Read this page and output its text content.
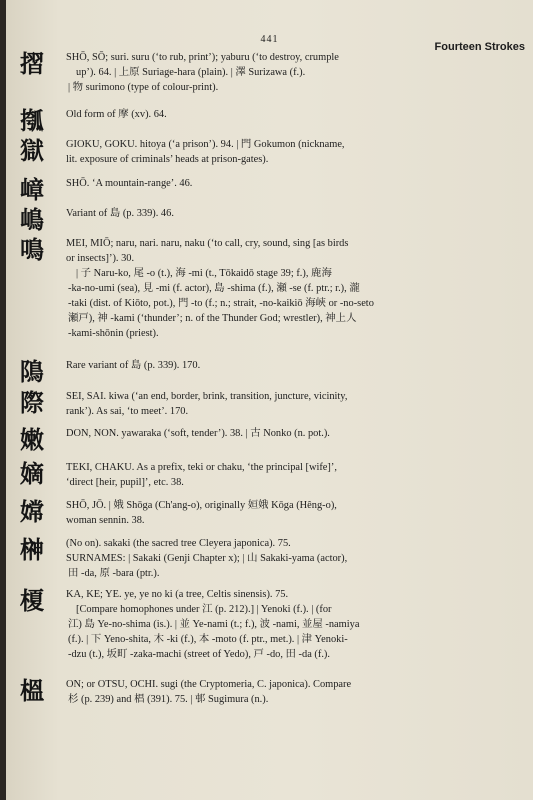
441
Fourteen Strokes
摺	SHŌ, SŌ; suri. suru (‘to rub, print’); yaburu (‘to destroy, crumple
up’). 64. | 上原 Suriage-hara (plain). | 澤 Surizawa (f.).
| 物 surimono (type of colour-print).
摦	Old form of 摩 (xv). 64.
獄	GIOKU, GOKU. hitoya (‘a prison’). 94. | 門 Gokumon (nickname,
lit. exposure of criminals’ heads at prison-gates).
嶂	SHŌ. ‘A mountain-range’. 46.
嶋	Variant of 島 (p. 339). 46.
鳴	MEI, MIŌ; naru, nari. naru, naku (‘to call, cry, sound, sing [as birds
or insects]’). 30.
| 子 Naru-ko, 尾 -o (t.), 海 -mi (t., Tōkaidō stage 39; f.), 鹿海
-ka-no-umi (sea), 見 -mi (f. actor), 島 -shima (f.), 瀬 -se (f. ptr.; r.), 瀧
-taki (dist. of Kiōto, pot.), 門 -to (f.; n.; strait, -no-kaikiō 海峽 or -no-seto
瀬戸), 神 -kami (‘thunder’; n. of the Thunder God; wrestler), 神上人
-kami-shōnin (priest).
隝	Rare variant of 島 (p. 339). 170.
際	SEI, SAI. kiwa (‘an end, border, brink, transition, juncture, vicinity,
rank’). As sai, ‘to meet’. 170.
嫩	DON, NON. yawaraka (‘soft, tender’). 38. | 古 Nonko (n. pot.).
嫡	TEKI, CHAKU. As a prefix, teki or chaku, ‘the principal [wife]’,
‘direct [heir, pupil]’, etc. 38.
嫦	SHŌ, JŌ. | 娥 Shōga (Ch'ang-o), originally 姮娥 Kōga (Hêng-o),
woman sennin. 38.
榊	(No on). sakaki (the sacred tree Cleyera japonica). 75.
SURNAMES: | Sakaki (Genji Chapter x); | 山 Sakaki-yama (actor),
田 -da, 原 -bara (ptr.).
榎	KA, KE; YE. ye, ye no ki (a tree, Celtis sinensis). 75.
[Compare homophones under 江 (p. 212).] | Yenoki (f.). | (for
江) 島 Ye-no-shima (is.). | 並 Ye-nami (t.; f.), 波 -nami, 並屋 -namiya
(f.). | 下 Yeno-shita, 木 -ki (f.), 本 -moto (f. ptr., met.). | 津 Yenoki-
-dzu (t.), 坂町 -zaka-machi (street of Yedo), 戸 -do, 田 -da (f.).
榲	ON; or OTSU, OCHI. sugi (the Cryptomeria, C. japonica). Compare
杉 (p. 239) and 椙 (391). 75. | 邨 Sugimura (n.).
